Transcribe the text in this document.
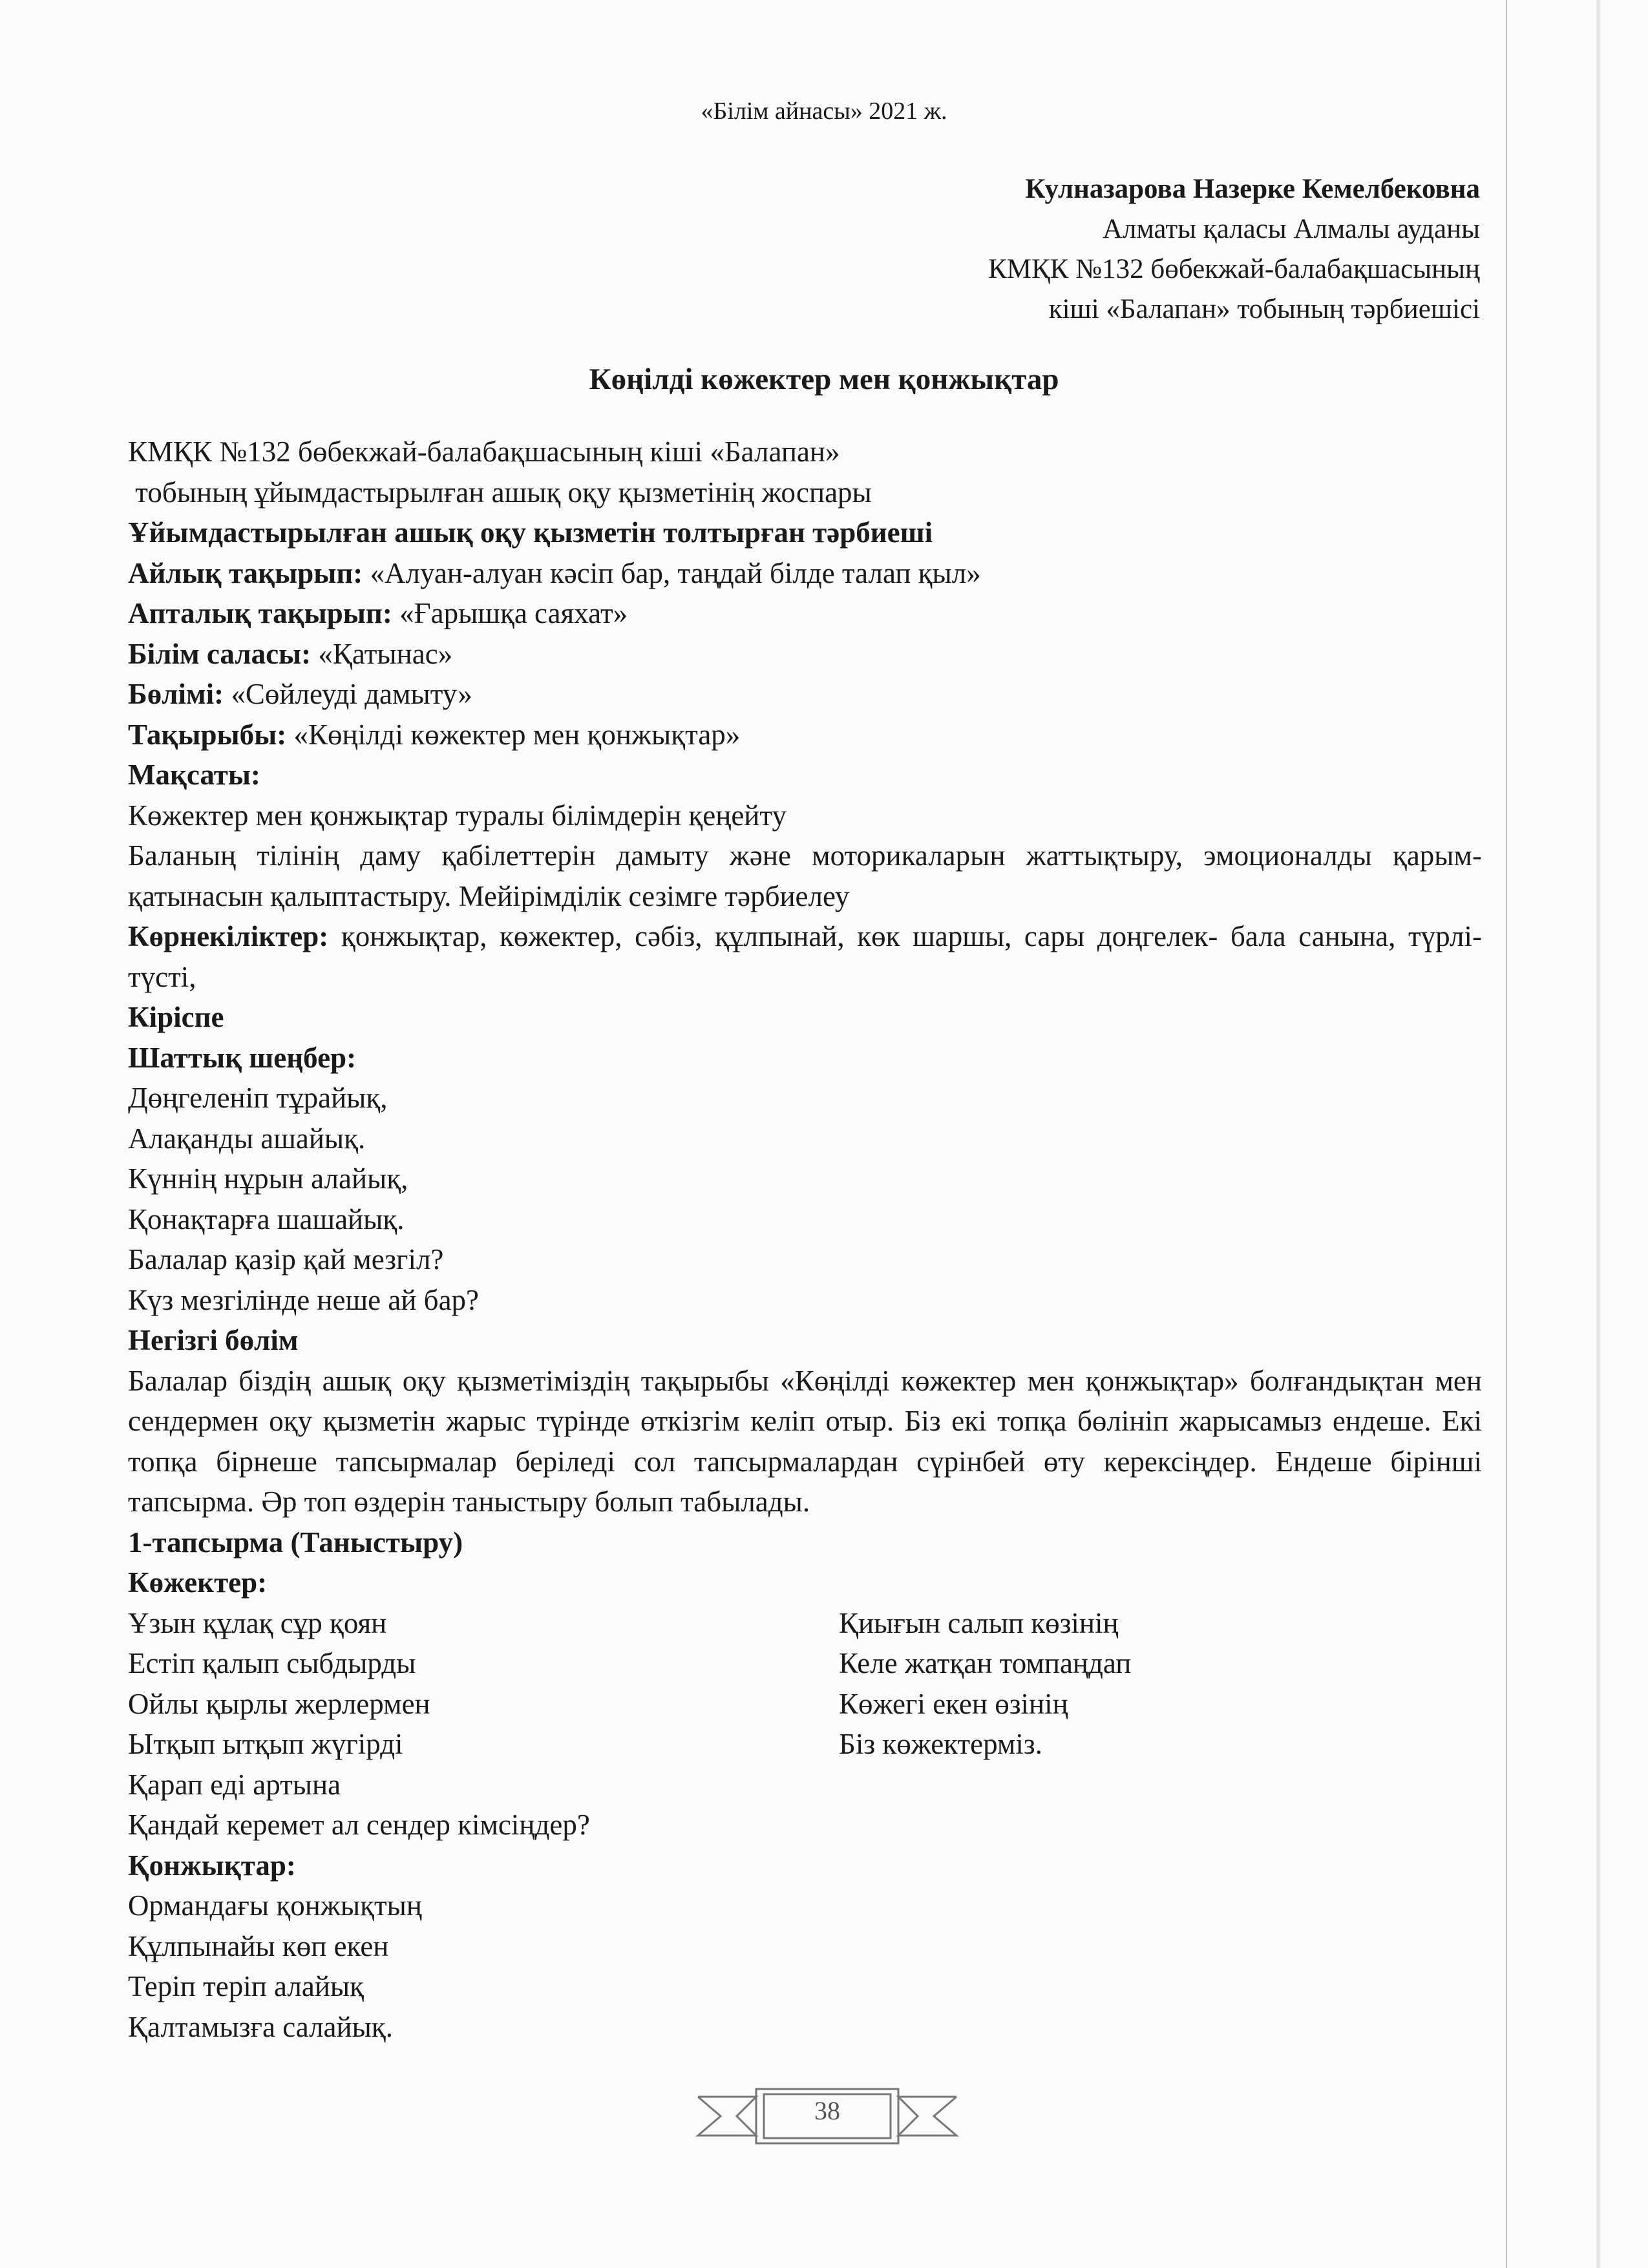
«Білім айнасы» 2021 ж.
Кулназарова Назерке Кемелбековна
Алматы қаласы Алмалы ауданы
КМҚК №132 бөбекжай-балабақшасының
кіші «Балапан» тобының тәрбиешісі
Көңілді көжектер мен қонжықтар

КМҚК №132 бөбекжай-балабақшасының кіші «Балапан»

тобының ұйымдастырылған ашық оқу қызметінің жоспары

Ұйымдастырылған ашық оқу қызметін толтырған тәрбиеші

Айлық тақырып: «Алуан-алуан кәсіп бар, таңдай білде талап қыл»

Апталық тақырып: «Ғарышқа саяхат»

Білім саласы: «Қатынас»

Бөлімі: «Сөйлеуді дамыту»

Тақырыбы: «Көңілді көжектер мен қонжықтар»

Мақсаты:

Көжектер мен қонжықтар туралы білімдерін қеңейту

Баланың тілінің даму қабілеттерін дамыту және моторикаларын жаттықтыру, эмоционалды қарым-қатынасын қалыптастыру. Мейірімділік сезімге тәрбиелеу

Көрнекіліктер: қонжықтар, көжектер, сәбіз, құлпынай, көк шаршы, сары доңгелек- бала санына, түрлі-түсті,

Кіріспе

Шаттық шеңбер:

Дөңгеленіп тұрайық,

Алақанды ашайық.

Күннің нұрын алайық,

Қонақтарға шашайық.

Балалар қазір қай мезгіл?

Күз мезгілінде неше ай бар?

Негізгі бөлім

Балалар біздің ашық оқу қызметіміздің тақырыбы «Көңілді көжектер мен қонжықтар» болғандықтан мен сендермен оқу қызметін жарыс түрінде өткізгім келіп отыр. Біз екі топқа бөлініп жарысамыз ендеше. Екі топқа бірнеше тапсырмалар беріледі сол тапсырмалардан сүрінбей өту керексіңдер. Ендеше бірінші тапсырма. Әр топ өздерін таныстыру болып табылады.

1-тапсырма (Таныстыру)

Көжектер:

Ұзын құлақ сұр қоян

Естіп қалып сыбдырды

Ойлы қырлы жерлермен

Ытқып ытқып жүгірді

Қарап еді артына

Қандай керемет ал сендер кімсіңдер?

Қиығын салып көзінің

Келе жатқан томпаңдап

Көжегі екен өзінің

Біз көжектерміз.

Қонжықтар:

Ормандағы қонжықтың

Құлпынайы көп екен

Теріп теріп алайық

Қалтамызға салайық.

38
